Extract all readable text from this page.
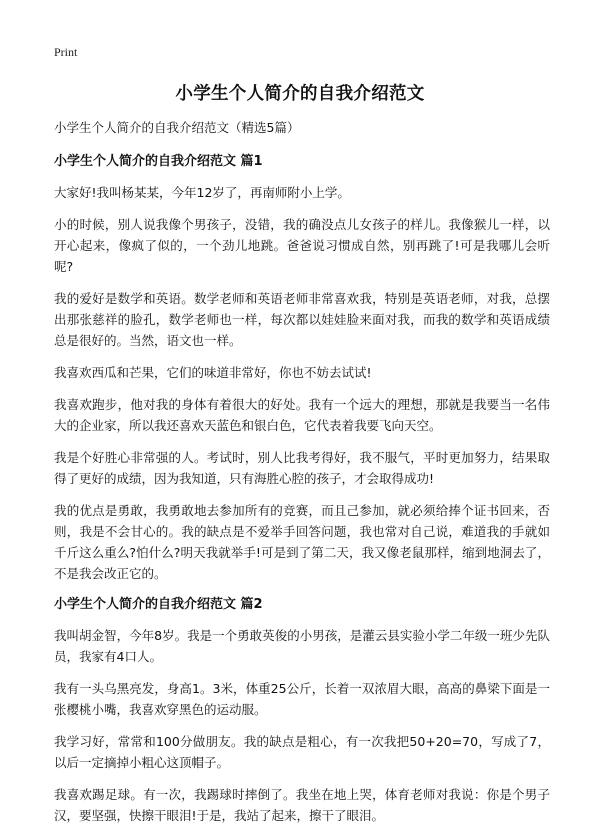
Print
小学生个人简介的自我介绍范文

小学生个人简介的自我介绍范文（精选5篇）

小学生个人简介的自我介绍范文 篇1

大家好!我叫杨某某，今年12岁了，再南师附小上学。

小的时候，别人说我像个男孩子，没错，我的确没点儿女孩子的样儿。我像猴儿一样，以开心起来，像疯了似的，一个劲儿地跳。爸爸说习惯成自然，别再跳了!可是我哪儿会听呢?

我的爱好是数学和英语。数学老师和英语老师非常喜欢我，特别是英语老师，对我，总摆出那张慈祥的脸孔，数学老师也一样，每次都以娃娃脸来面对我，而我的数学和英语成绩总是很好的。当然，语文也一样。

我喜欢西瓜和芒果，它们的味道非常好，你也不妨去试试!

我喜欢跑步，他对我的身体有着很大的好处。我有一个远大的理想，那就是我要当一名伟大的企业家，所以我还喜欢天蓝色和银白色，它代表着我要飞向天空。

我是个好胜心非常强的人。考试时，别人比我考得好，我不服气，平时更加努力，结果取得了更好的成绩，因为我知道，只有海胜心腔的孩子，才会取得成功!

我的优点是勇敢，我勇敢地去参加所有的竞赛，而且己参加，就必须给捧个证书回来，否则，我是不会甘心的。我的缺点是不爱举手回答问题，我也常对自己说，难道我的手就如千斤这么重么?怕什么?明天我就举手!可是到了第二天，我又像老鼠那样，缩到地洞去了，不是我会改正它的。

小学生个人简介的自我介绍范文 篇2

我叫胡金智，今年8岁。我是一个勇敢英俊的小男孩，是灌云县实验小学二年级一班少先队员，我家有4口人。

我有一头乌黑亮发，身高1。3米，体重25公斤，长着一双浓眉大眼，高高的鼻梁下面是一张樱桃小嘴，我喜欢穿黑色的运动服。

我学习好，常常和100分做朋友。我的缺点是粗心，有一次我把50+20=70，写成了7，以后一定摘掉小粗心这顶帽子。

我喜欢踢足球。有一次，我踢球时摔倒了。我坐在地上哭，体育老师对我说：你是个男子汉，要坚强，快擦干眼泪!于是，我站了起来，擦干了眼泪。
